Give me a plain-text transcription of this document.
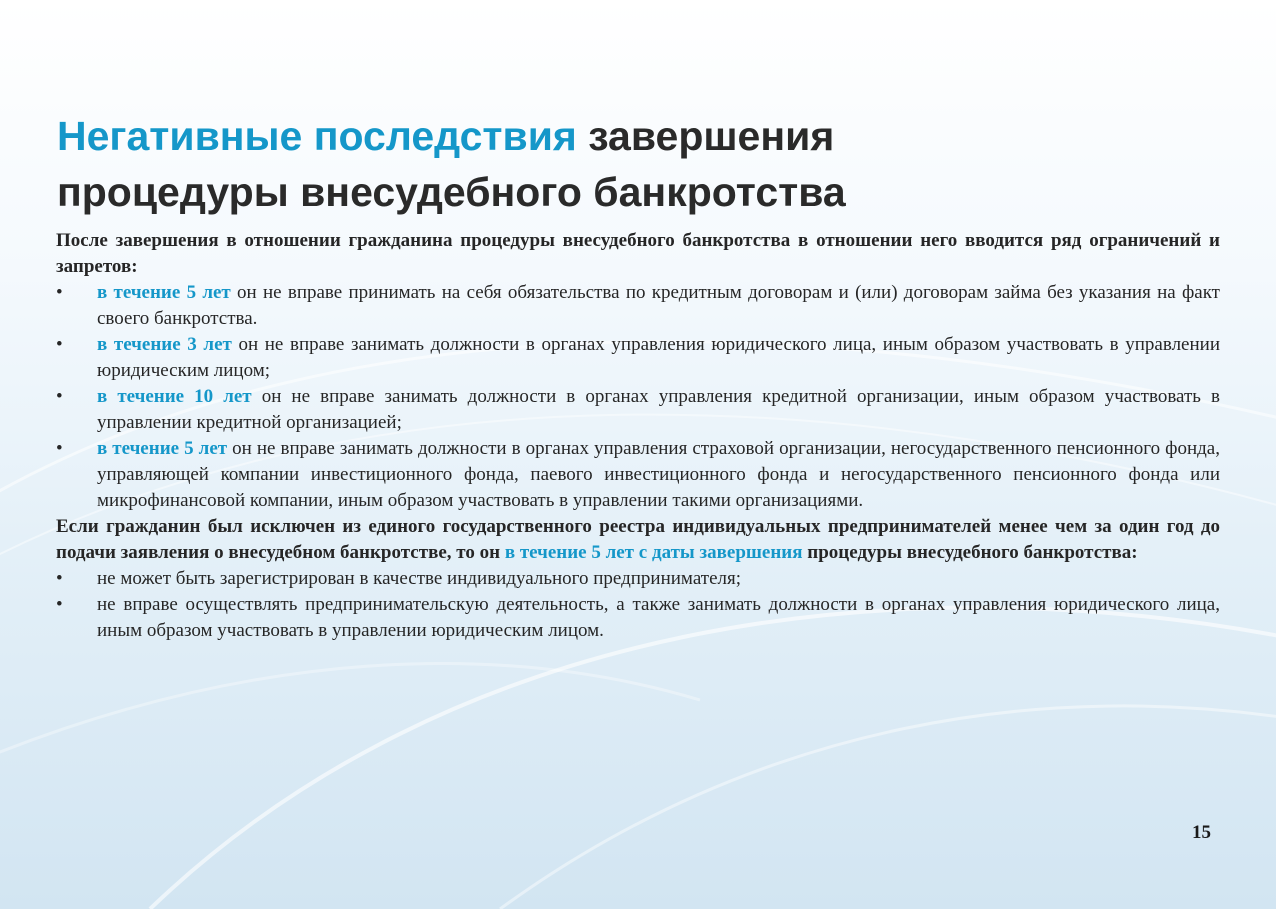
Негативные последствия завершения процедуры внесудебного банкротства

После завершения в отношении гражданина процедуры внесудебного банкротства в отношении него вводится ряд ограничений и запретов:

• в течение 5 лет он не вправе принимать на себя обязательства по кредитным договорам и (или) договорам займа без указания на факт своего банкротства.

• в течение 3 лет он не вправе занимать должности в органах управления юридического лица, иным образом участвовать в управлении юридическим лицом;

• в течение 10 лет он не вправе занимать должности в органах управления кредитной организации, иным образом участвовать в управлении кредитной организацией;

• в течение 5 лет он не вправе занимать должности в органах управления страховой организации, негосударственного пенсионного фонда, управляющей компании инвестиционного фонда, паевого инвестиционного фонда и негосударственного пенсионного фонда или микрофинансовой компании, иным образом участвовать в управлении такими организациями.

Если гражданин был исключен из единого государственного реестра индивидуальных предпринимателей менее чем за один год до подачи заявления о внесудебном банкротстве, то он в течение 5 лет с даты завершения процедуры внесудебного банкротства:

• не может быть зарегистрирован в качестве индивидуального предпринимателя;

• не вправе осуществлять предпринимательскую деятельность, а также занимать должности в органах управления юридического лица, иным образом участвовать в управлении юридическим лицом.

15
